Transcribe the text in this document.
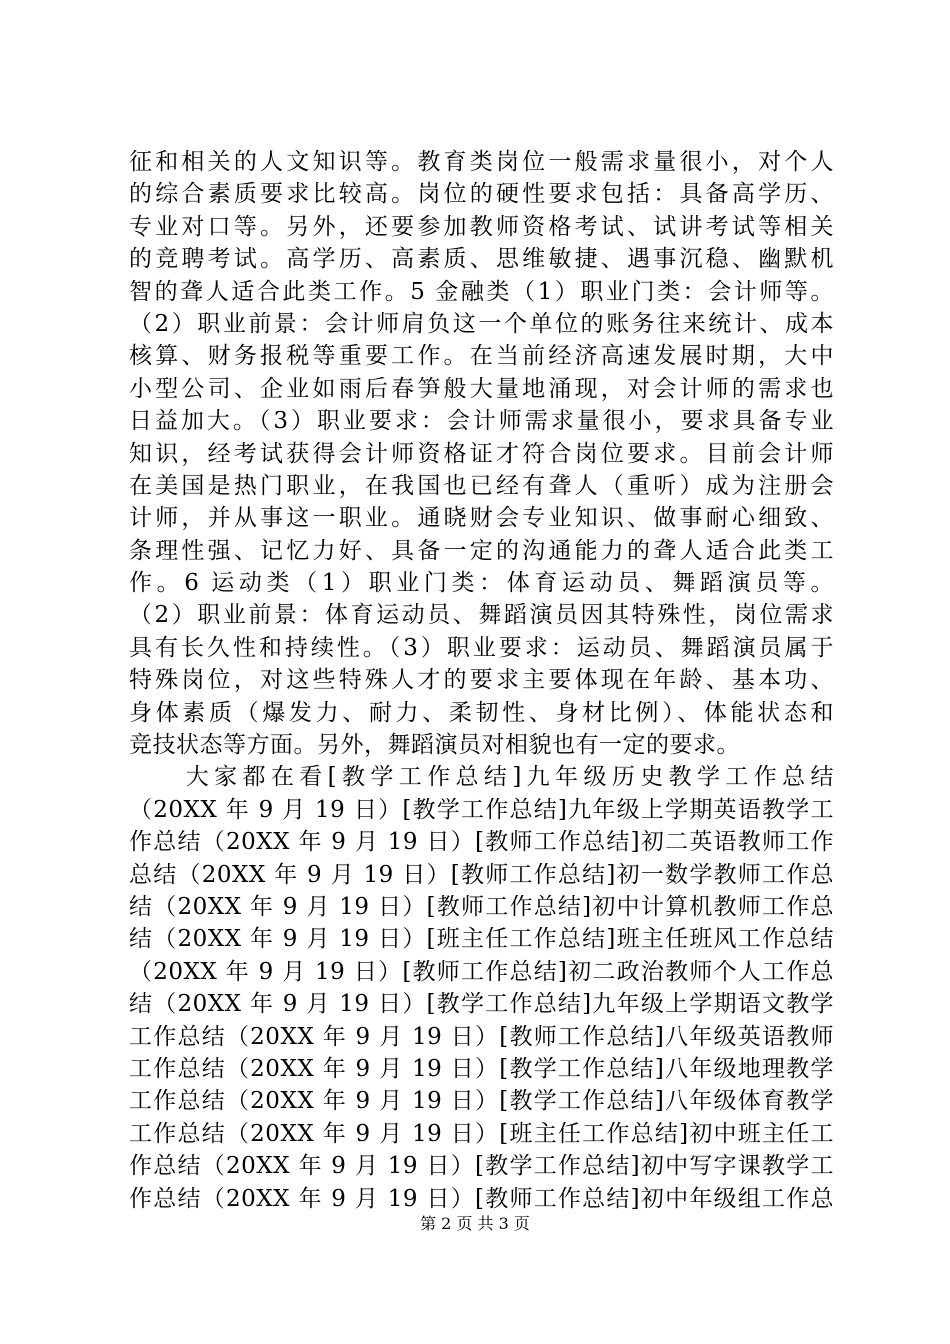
征和相关的人文知识等。教育类岗位一般需求量很小，对个人
的综合素质要求比较高。岗位的硬性要求包括：具备高学历、
专业对口等。另外，还要参加教师资格考试、试讲考试等相关
的竞聘考试。高学历、高素质、思维敏捷、遇事沉稳、幽默机
智的聋人适合此类工作。5 金融类（1）职业门类：会计师等。
（2）职业前景：会计师肩负这一个单位的账务往来统计、成本
核算、财务报税等重要工作。在当前经济高速发展时期，大中
小型公司、企业如雨后春笋般大量地涌现，对会计师的需求也
日益加大。（3）职业要求：会计师需求量很小，要求具备专业
知识，经考试获得会计师资格证才符合岗位要求。目前会计师
在美国是热门职业，在我国也已经有聋人（重听）成为注册会
计师，并从事这一职业。通晓财会专业知识、做事耐心细致、
条理性强、记忆力好、具备一定的沟通能力的聋人适合此类工
作。6 运动类（1）职业门类：体育运动员、舞蹈演员等。
（2）职业前景：体育运动员、舞蹈演员因其特殊性，岗位需求
具有长久性和持续性。（3）职业要求：运动员、舞蹈演员属于
特殊岗位，对这些特殊人才的要求主要体现在年龄、基本功、
身体素质（爆发力、耐力、柔韧性、身材比例）、体能状态和
竞技状态等方面。另外，舞蹈演员对相貌也有一定的要求。
　　大家都在看[教学工作总结]九年级历史教学工作总结
（20XX 年 9 月 19 日）[教学工作总结]九年级上学期英语教学工
作总结（20XX 年 9 月 19 日）[教师工作总结]初二英语教师工作
总结（20XX 年 9 月 19 日）[教师工作总结]初一数学教师工作总
结（20XX 年 9 月 19 日）[教师工作总结]初中计算机教师工作总
结（20XX 年 9 月 19 日）[班主任工作总结]班主任班风工作总结
（20XX 年 9 月 19 日）[教师工作总结]初二政治教师个人工作总
结（20XX 年 9 月 19 日）[教学工作总结]九年级上学期语文教学
工作总结（20XX 年 9 月 19 日）[教师工作总结]八年级英语教师
工作总结（20XX 年 9 月 19 日）[教学工作总结]八年级地理教学
工作总结（20XX 年 9 月 19 日）[教学工作总结]八年级体育教学
工作总结（20XX 年 9 月 19 日）[班主任工作总结]初中班主任工
作总结（20XX 年 9 月 19 日）[教学工作总结]初中写字课教学工
作总结（20XX 年 9 月 19 日）[教师工作总结]初中年级组工作总
第 2 页 共 3 页
